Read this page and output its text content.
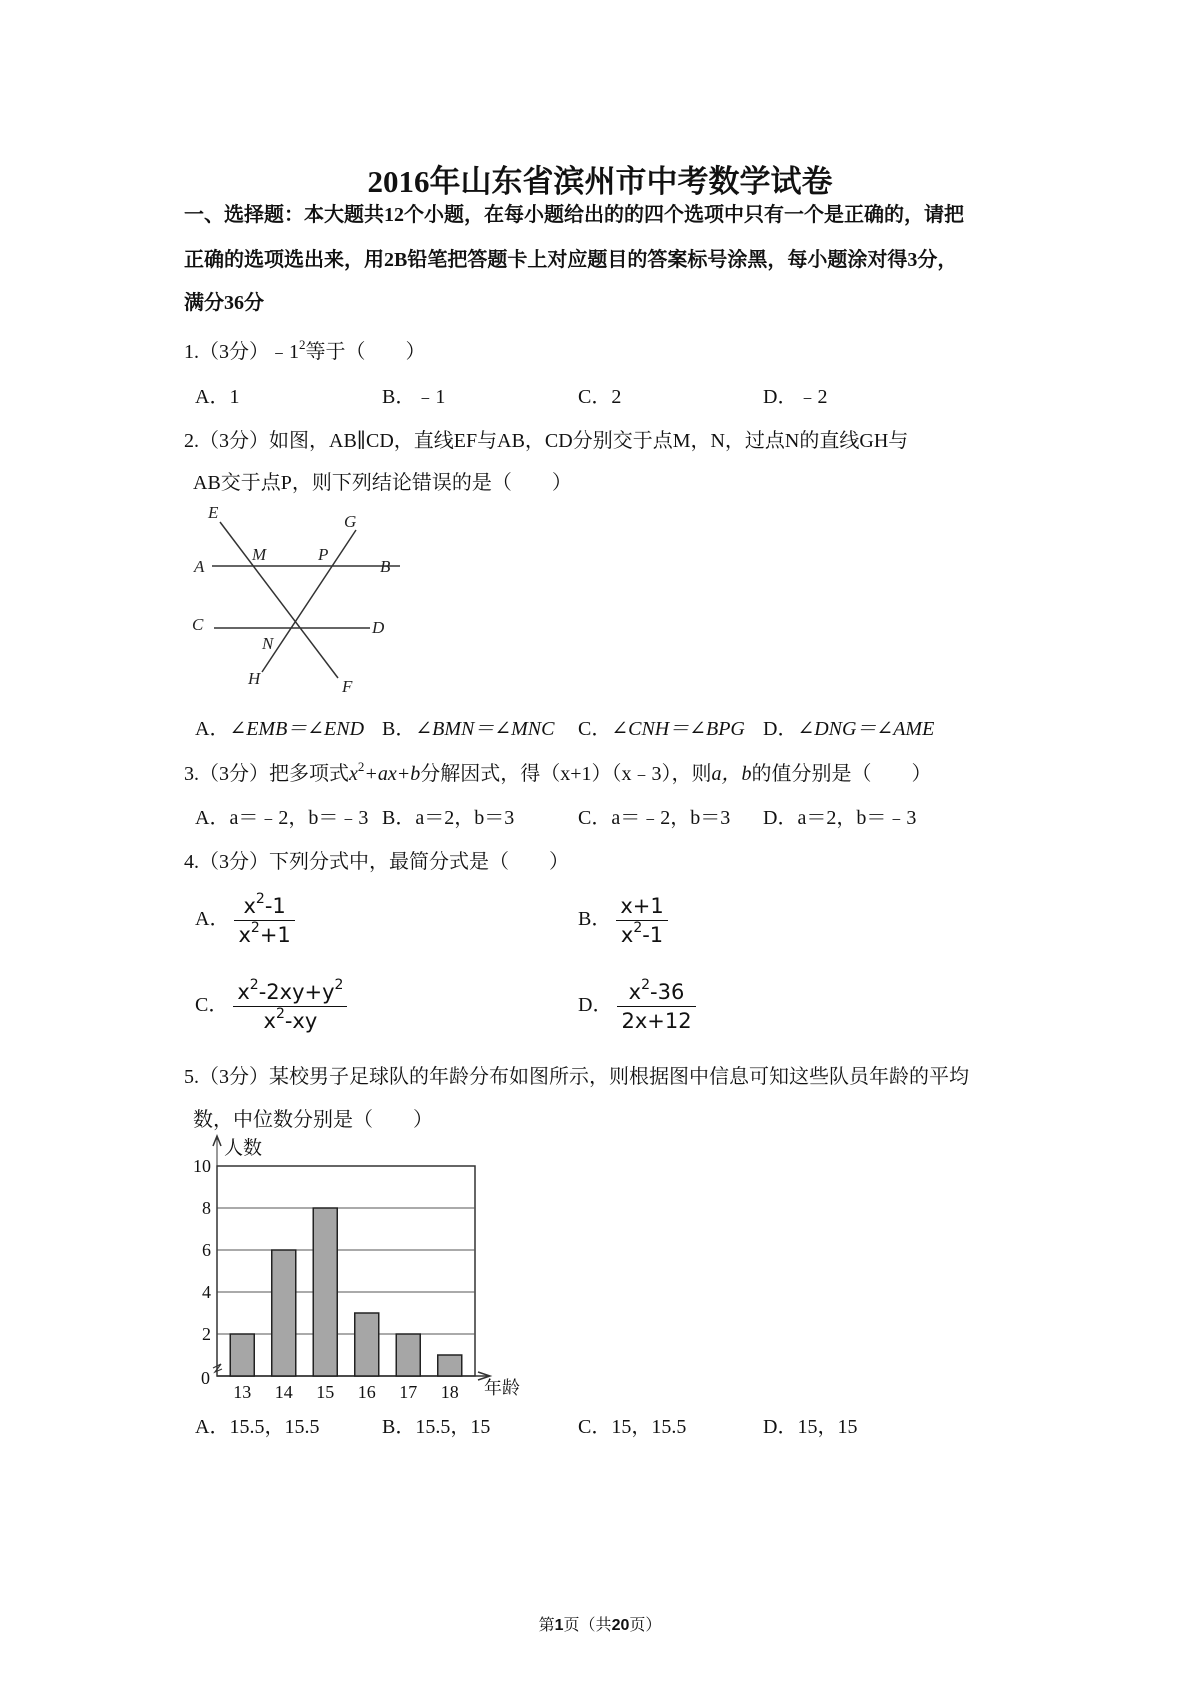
2016年山东省滨州市中考数学试卷
一、选择题：本大题共12个小题，在每小题给出的的四个选项中只有一个是正确的，请把
正确的选项选出来，用2B铅笔把答题卡上对应题目的答案标号涂黑，每小题涂对得3分，
满分36分
1.（3分）$﹣1^2$等于（　　）
A．1	B．﹣1	C．2	D．﹣2
2.（3分）如图，AB∥CD，直线EF与AB，CD分别交于点M，N，过点N的直线GH与
AB交于点P，则下列结论错误的是（　　）
E	G
A
M	P
B
C
N
D
H	F
A．∠EMB＝∠END B．∠BMN＝∠MNC C．∠CNH＝∠BPG D．∠DNG＝∠AME
3.（3分）把多项式$x^2+ax+b$分解因式，得（x+1）（x﹣3），则a，b的值分别是（　　）
A．a＝﹣2，b＝﹣3 B．a＝2，b＝3	C．a＝﹣2，b＝3 D．a＝2，b＝﹣3
4.（3分）下列分式中，最简分式是（　　）
A． $\frac{x^2-1}{x^2+1}$	B． $\frac{x+1}{x^2-1}$
C． $\frac{x^2-2xy+y^2}{x^2-xy}$	D． $\frac{x^2-36}{2x+12}$
5.（3分）某校男子足球队的年龄分布如图所示，则根据图中信息可知这些队员年龄的平均
数，中位数分别是（　　）
13 14 15 16 17 18
0
2
4
6
8
10
人数
年龄
A．15.5，15.5	B．15.5，15	C．15，15.5	D．15，15
第1页（共20页）
